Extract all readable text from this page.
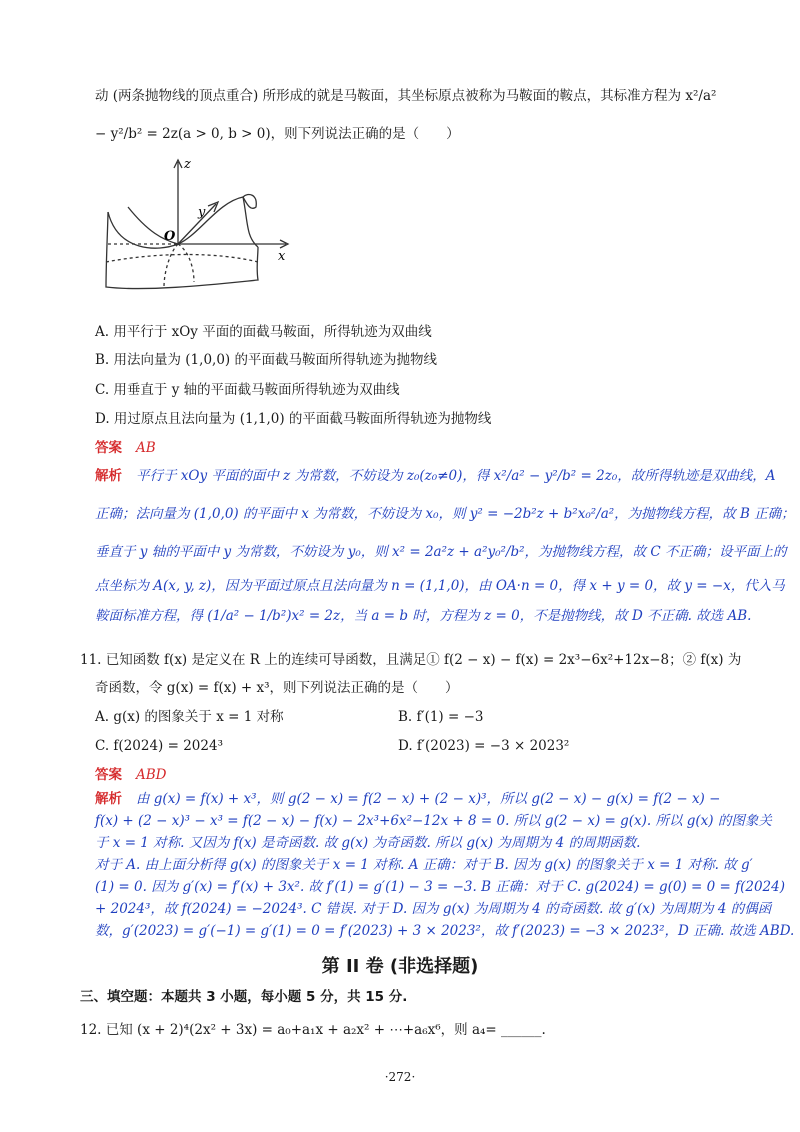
动 (两条抛物线的顶点重合) 所形成的就是马鞍面，其坐标原点被称为马鞍面的鞍点，其标准方程为 x²/a²
− y²/b² = 2z(a > 0, b > 0)，则下列说法正确的是（　　）
z
y
O
x
A. 用平行于 xOy 平面的面截马鞍面，所得轨迹为双曲线
B. 用法向量为 (1,0,0) 的平面截马鞍面所得轨迹为抛物线
C. 用垂直于 y 轴的平面截马鞍面所得轨迹为双曲线
D. 用过原点且法向量为 (1,1,0) 的平面截马鞍面所得轨迹为抛物线
答案 AB
解析 平行于 xOy 平面的面中 z 为常数，不妨设为 z₀(z₀≠0)，得 x²/a² − y²/b² = 2z₀，故所得轨迹是双曲线，A
正确；法向量为 (1,0,0) 的平面中 x 为常数，不妨设为 x₀，则 y² = −2b²z + b²x₀²/a²，为抛物线方程，故 B 正确；
垂直于 y 轴的平面中 y 为常数，不妨设为 y₀，则 x² = 2a²z + a²y₀²/b²，为抛物线方程，故 C 不正确；设平面上的
点坐标为 A(x, y, z)，因为平面过原点且法向量为 n = (1,1,0)，由 OA·n = 0，得 x + y = 0，故 y = −x，代入马
鞍面标准方程，得 (1/a² − 1/b²)x² = 2z，当 a = b 时，方程为 z = 0，不是抛物线，故 D 不正确. 故选 AB.
11. 已知函数 f(x) 是定义在 R 上的连续可导函数，且满足① f(2 − x) − f(x) = 2x³−6x²+12x−8；② f(x) 为
奇函数，令 g(x) = f(x) + x³，则下列说法正确的是（　　）
A. g(x) 的图象关于 x = 1 对称	B. f′(1) = −3
C. f(2024) = 2024³	D. f′(2023) = −3 × 2023²
答案 ABD
解析 由 g(x) = f(x) + x³，则 g(2 − x) = f(2 − x) + (2 − x)³，所以 g(2 − x) − g(x) = f(2 − x) −
f(x) + (2 − x)³ − x³ = f(2 − x) − f(x) − 2x³+6x²−12x + 8 = 0. 所以 g(2 − x) = g(x). 所以 g(x) 的图象关
于 x = 1 对称. 又因为 f(x) 是奇函数. 故 g(x) 为奇函数. 所以 g(x) 为周期为 4 的周期函数.
对于 A. 由上面分析得 g(x) 的图象关于 x = 1 对称. A 正确：对于 B. 因为 g(x) 的图象关于 x = 1 对称. 故 g′
(1) = 0. 因为 g′(x) = f′(x) + 3x². 故 f′(1) = g′(1) − 3 = −3. B 正确：对于 C. g(2024) = g(0) = 0 = f(2024)
+ 2024³，故 f(2024) = −2024³. C 错误. 对于 D. 因为 g(x) 为周期为 4 的奇函数. 故 g′(x) 为周期为 4 的偶函
数，g′(2023) = g′(−1) = g′(1) = 0 = f′(2023) + 3 × 2023²，故 f′(2023) = −3 × 2023²，D 正确. 故选 ABD.
第 II 卷 (非选择题)
三、填空题：本题共 3 小题，每小题 5 分，共 15 分.
12. 已知 (x + 2)⁴(2x² + 3x) = a₀+a₁x + a₂x² + ⋯+a₆x⁶，则 a₄= ______.
·272·
